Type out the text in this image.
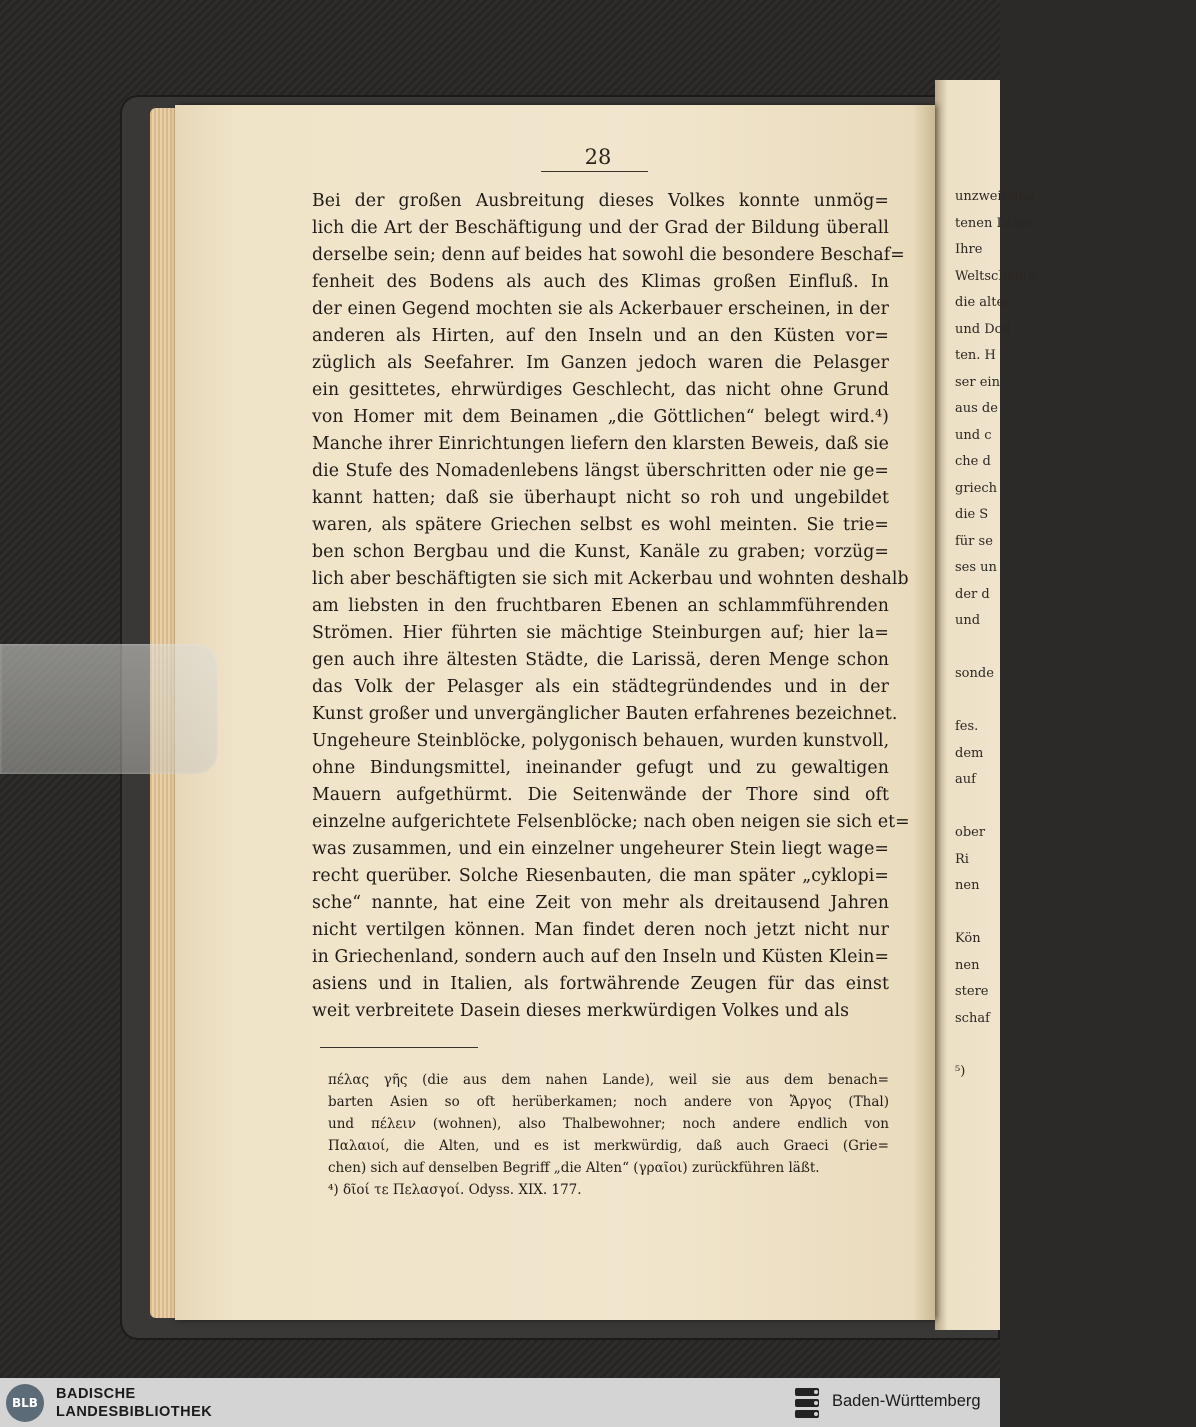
unzweifelha
tenen Leben
Ihre
Weltschöpfu
die alten
und Dod
ten. H
ser ein
aus de
und c
che d
griech
die S
für se
ses un
der d
und

sonde

fes.
dem
auf

ober
Ri
nen

Kön
nen
stere
schaf

⁵)
28
Bei der großen Ausbreitung dieses Volkes konnte unmög=
lich die Art der Beschäftigung und der Grad der Bildung überall
derselbe sein; denn auf beides hat sowohl die besondere Beschaf=
fenheit des Bodens als auch des Klimas großen Einfluß. In
der einen Gegend mochten sie als Ackerbauer erscheinen, in der
anderen als Hirten, auf den Inseln und an den Küsten vor=
züglich als Seefahrer. Im Ganzen jedoch waren die Pelasger
ein gesittetes, ehrwürdiges Geschlecht, das nicht ohne Grund
von Homer mit dem Beinamen „die Göttlichen“ belegt wird.⁴)
Manche ihrer Einrichtungen liefern den klarsten Beweis, daß sie
die Stufe des Nomadenlebens längst überschritten oder nie ge=
kannt hatten; daß sie überhaupt nicht so roh und ungebildet
waren, als spätere Griechen selbst es wohl meinten. Sie trie=
ben schon Bergbau und die Kunst, Kanäle zu graben; vorzüg=
lich aber beschäftigten sie sich mit Ackerbau und wohnten deshalb
am liebsten in den fruchtbaren Ebenen an schlammführenden
Strömen. Hier führten sie mächtige Steinburgen auf; hier la=
gen auch ihre ältesten Städte, die Larissä, deren Menge schon
das Volk der Pelasger als ein städtegründendes und in der
Kunst großer und unvergänglicher Bauten erfahrenes bezeichnet.
Ungeheure Steinblöcke, polygonisch behauen, wurden kunstvoll,
ohne Bindungsmittel, ineinander gefugt und zu gewaltigen
Mauern aufgethürmt. Die Seitenwände der Thore sind oft
einzelne aufgerichtete Felsenblöcke; nach oben neigen sie sich et=
was zusammen, und ein einzelner ungeheurer Stein liegt wage=
recht querüber. Solche Riesenbauten, die man später „cyklopi=
sche“ nannte, hat eine Zeit von mehr als dreitausend Jahren
nicht vertilgen können. Man findet deren noch jetzt nicht nur
in Griechenland, sondern auch auf den Inseln und Küsten Klein=
asiens und in Italien, als fortwährende Zeugen für das einst
weit verbreitete Dasein dieses merkwürdigen Volkes und als
πέλας γῆς (die aus dem nahen Lande), weil sie aus dem benach=
barten Asien so oft herüberkamen; noch andere von Ἄργος (Thal)
und πέλειν (wohnen), also Thalbewohner; noch andere endlich von
Παλαιοί, die Alten, und es ist merkwürdig, daß auch Graeci (Grie=
chen) sich auf denselben Begriff „die Alten“ (γραῖοι) zurückführen läßt.
⁴) δῖοί τε Πελασγοί. Odyss. XIX. 177.
BLB
BADISCHE
LANDESBIBLIOTHEK
Baden-Württemberg
